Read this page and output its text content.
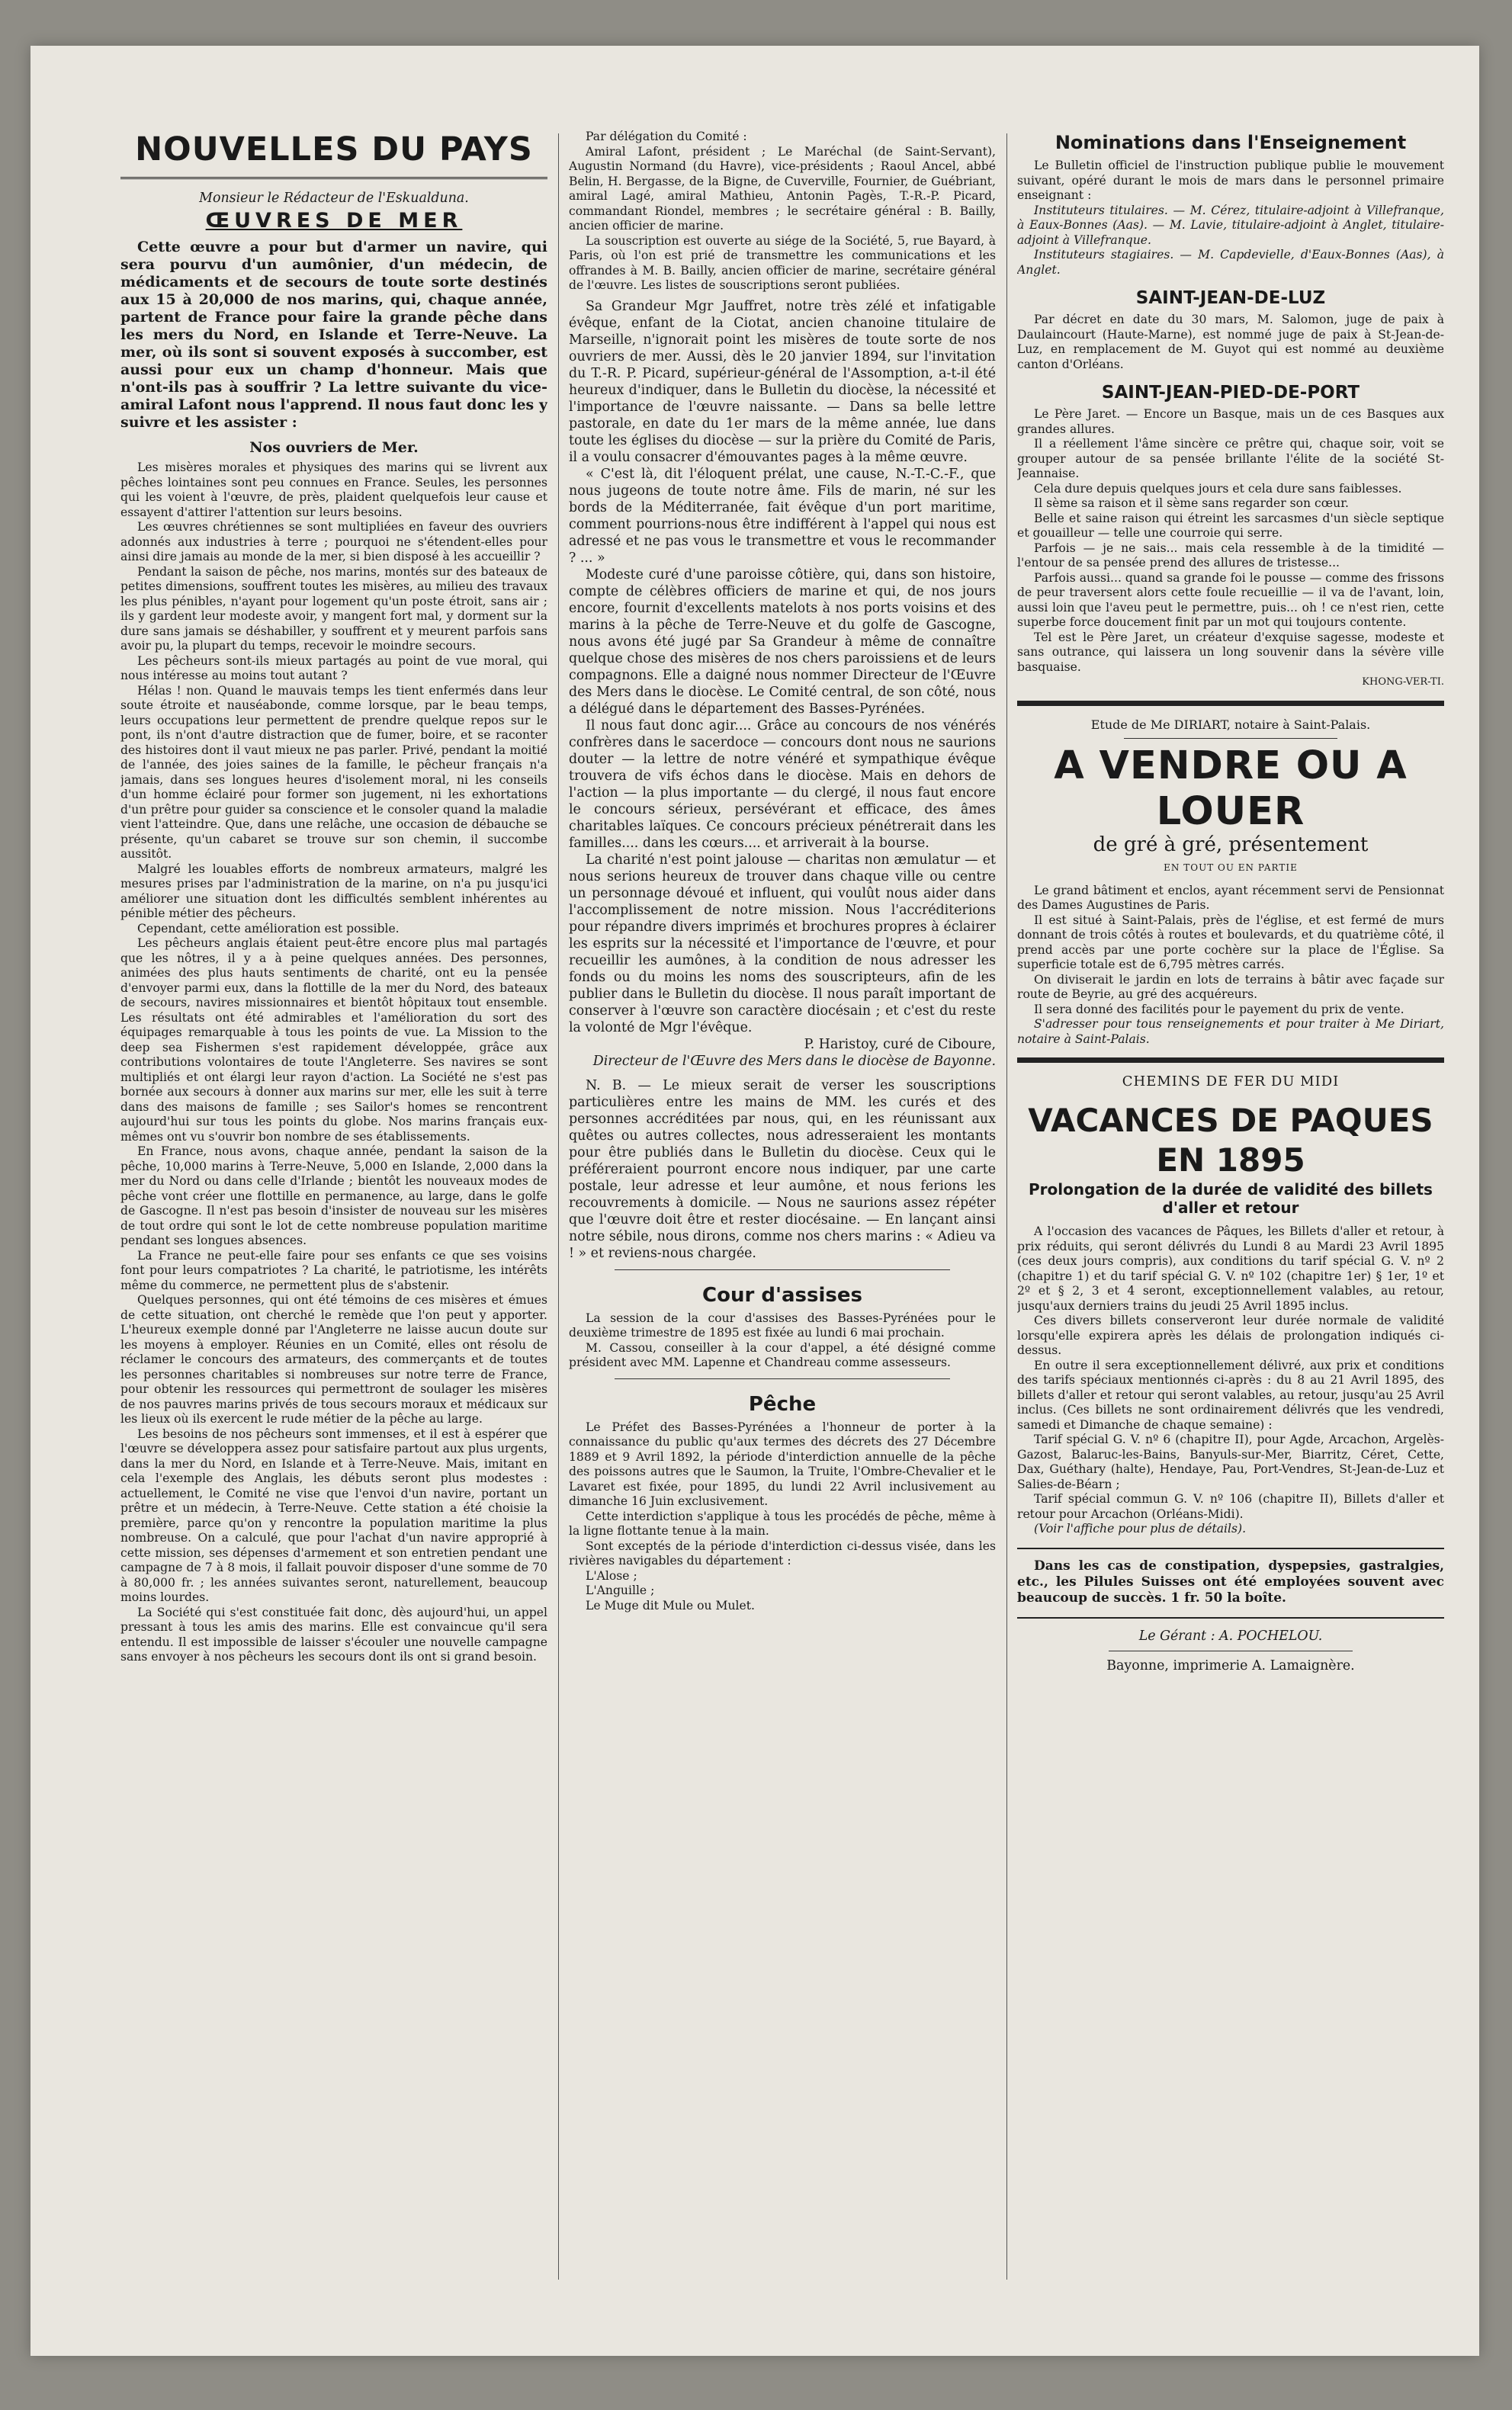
NOUVELLES DU PAYS

Monsieur le Rédacteur de l'Eskualduna.

ŒUVRES DE MER

Cette œuvre a pour but d'armer un navire, qui sera pourvu d'un aumônier, d'un médecin, de médicaments et de secours de toute sorte destinés aux 15 à 20,000 de nos marins, qui, chaque année, partent de France pour faire la grande pêche dans les mers du Nord, en Islande et Terre-Neuve. La mer, où ils sont si souvent exposés à succomber, est aussi pour eux un champ d'honneur. Mais que n'ont-ils pas à souffrir ? La lettre suivante du vice-amiral Lafont nous l'apprend. Il nous faut donc les y suivre et les assister :

Nos ouvriers de Mer.

Les misères morales et physiques des marins qui se livrent aux pêches lointaines sont peu connues en France. Seules, les personnes qui les voient à l'œuvre, de près, plaident quelquefois leur cause et essayent d'attirer l'attention sur leurs besoins.

Les œuvres chrétiennes se sont multipliées en faveur des ouvriers adonnés aux industries à terre ; pourquoi ne s'étendent-elles pour ainsi dire jamais au monde de la mer, si bien disposé à les accueillir ?

Pendant la saison de pêche, nos marins, montés sur des bateaux de petites dimensions, souffrent toutes les misères, au milieu des travaux les plus pénibles, n'ayant pour logement qu'un poste étroit, sans air ; ils y gardent leur modeste avoir, y mangent fort mal, y dorment sur la dure sans jamais se déshabiller, y souffrent et y meurent parfois sans avoir pu, la plupart du temps, recevoir le moindre secours.

Les pêcheurs sont-ils mieux partagés au point de vue moral, qui nous intéresse au moins tout autant ?

Hélas ! non. Quand le mauvais temps les tient enfermés dans leur soute étroite et nauséabonde, comme lorsque, par le beau temps, leurs occupations leur permettent de prendre quelque repos sur le pont, ils n'ont d'autre distraction que de fumer, boire, et se raconter des histoires dont il vaut mieux ne pas parler. Privé, pendant la moitié de l'année, des joies saines de la famille, le pêcheur français n'a jamais, dans ses longues heures d'isolement moral, ni les conseils d'un homme éclairé pour former son jugement, ni les exhortations d'un prêtre pour guider sa conscience et le consoler quand la maladie vient l'atteindre. Que, dans une relâche, une occasion de débauche se présente, qu'un cabaret se trouve sur son chemin, il succombe aussitôt.

Malgré les louables efforts de nombreux armateurs, malgré les mesures prises par l'administration de la marine, on n'a pu jusqu'ici améliorer une situation dont les difficultés semblent inhérentes au pénible métier des pêcheurs.

Cependant, cette amélioration est possible.

Les pêcheurs anglais étaient peut-être encore plus mal partagés que les nôtres, il y a à peine quelques années. Des personnes, animées des plus hauts sentiments de charité, ont eu la pensée d'envoyer parmi eux, dans la flottille de la mer du Nord, des bateaux de secours, navires missionnaires et bientôt hôpitaux tout ensemble. Les résultats ont été admirables et l'amélioration du sort des équipages remarquable à tous les points de vue. La Mission to the deep sea Fishermen s'est rapidement développée, grâce aux contributions volontaires de toute l'Angleterre. Ses navires se sont multipliés et ont élargi leur rayon d'action. La Société ne s'est pas bornée aux secours à donner aux marins sur mer, elle les suit à terre dans des maisons de famille ; ses Sailor's homes se rencontrent aujourd'hui sur tous les points du globe. Nos marins français eux-mêmes ont vu s'ouvrir bon nombre de ses établissements.

En France, nous avons, chaque année, pendant la saison de la pêche, 10,000 marins à Terre-Neuve, 5,000 en Islande, 2,000 dans la mer du Nord ou dans celle d'Irlande ; bientôt les nouveaux modes de pêche vont créer une flottille en permanence, au large, dans le golfe de Gascogne. Il n'est pas besoin d'insister de nouveau sur les misères de tout ordre qui sont le lot de cette nombreuse population maritime pendant ses longues absences.

La France ne peut-elle faire pour ses enfants ce que ses voisins font pour leurs compatriotes ? La charité, le patriotisme, les intérêts même du commerce, ne permettent plus de s'abstenir.

Quelques personnes, qui ont été témoins de ces misères et émues de cette situation, ont cherché le remède que l'on peut y apporter. L'heureux exemple donné par l'Angleterre ne laisse aucun doute sur les moyens à employer. Réunies en un Comité, elles ont résolu de réclamer le concours des armateurs, des commerçants et de toutes les personnes charitables si nombreuses sur notre terre de France, pour obtenir les ressources qui permettront de soulager les misères de nos pauvres marins privés de tous secours moraux et médicaux sur les lieux où ils exercent le rude métier de la pêche au large.

Les besoins de nos pêcheurs sont immenses, et il est à espérer que l'œuvre se développera assez pour satisfaire partout aux plus urgents, dans la mer du Nord, en Islande et à Terre-Neuve. Mais, imitant en cela l'exemple des Anglais, les débuts seront plus modestes : actuellement, le Comité ne vise que l'envoi d'un navire, portant un prêtre et un médecin, à Terre-Neuve. Cette station a été choisie la première, parce qu'on y rencontre la population maritime la plus nombreuse. On a calculé, que pour l'achat d'un navire approprié à cette mission, ses dépenses d'armement et son entretien pendant une campagne de 7 à 8 mois, il fallait pouvoir disposer d'une somme de 70 à 80,000 fr. ; les années suivantes seront, naturellement, beaucoup moins lourdes.

La Société qui s'est constituée fait donc, dès aujourd'hui, un appel pressant à tous les amis des marins. Elle est convaincue qu'il sera entendu. Il est impossible de laisser s'écouler une nouvelle campagne sans envoyer à nos pêcheurs les secours dont ils ont si grand besoin.

Par délégation du Comité :

Amiral Lafont, président ; Le Maréchal (de Saint-Servant), Augustin Normand (du Havre), vice-présidents ; Raoul Ancel, abbé Belin, H. Bergasse, de la Bigne, de Cuverville, Fournier, de Guébriant, amiral Lagé, amiral Mathieu, Antonin Pagès, T.-R.-P. Picard, commandant Riondel, membres ; le secrétaire général : B. Bailly, ancien officier de marine.

La souscription est ouverte au siége de la Société, 5, rue Bayard, à Paris, où l'on est prié de transmettre les communications et les offrandes à M. B. Bailly, ancien officier de marine, secrétaire général de l'œuvre. Les listes de souscriptions seront publiées.

Sa Grandeur Mgr Jauffret, notre très zélé et infatigable évêque, enfant de la Ciotat, ancien chanoine titulaire de Marseille, n'ignorait point les misères de toute sorte de nos ouvriers de mer. Aussi, dès le 20 janvier 1894, sur l'invitation du T.-R. P. Picard, supérieur-général de l'Assomption, a-t-il été heureux d'indiquer, dans le Bulletin du diocèse, la nécessité et l'importance de l'œuvre naissante. — Dans sa belle lettre pastorale, en date du 1er mars de la même année, lue dans toute les églises du diocèse — sur la prière du Comité de Paris, il a voulu consacrer d'émouvantes pages à la même œuvre.

« C'est là, dit l'éloquent prélat, une cause, N.-T.-C.-F., que nous jugeons de toute notre âme. Fils de marin, né sur les bords de la Méditerranée, fait évêque d'un port maritime, comment pourrions-nous être indifférent à l'appel qui nous est adressé et ne pas vous le transmettre et vous le recommander ? ... »

Modeste curé d'une paroisse côtière, qui, dans son histoire, compte de célèbres officiers de marine et qui, de nos jours encore, fournit d'excellents matelots à nos ports voisins et des marins à la pêche de Terre-Neuve et du golfe de Gascogne, nous avons été jugé par Sa Grandeur à même de connaître quelque chose des misères de nos chers paroissiens et de leurs compagnons. Elle a daigné nous nommer Directeur de l'Œuvre des Mers dans le diocèse. Le Comité central, de son côté, nous a délégué dans le département des Basses-Pyrénées.

Il nous faut donc agir.... Grâce au concours de nos vénérés confrères dans le sacerdoce — concours dont nous ne saurions douter — la lettre de notre vénéré et sympathique évêque trouvera de vifs échos dans le diocèse. Mais en dehors de l'action — la plus importante — du clergé, il nous faut encore le concours sérieux, persévérant et efficace, des âmes charitables laïques. Ce concours précieux pénétrerait dans les familles.... dans les cœurs.... et arriverait à la bourse.

La charité n'est point jalouse — charitas non æmulatur — et nous serions heureux de trouver dans chaque ville ou centre un personnage dévoué et influent, qui voulût nous aider dans l'accomplissement de notre mission. Nous l'accréditerions pour répandre divers imprimés et brochures propres à éclairer les esprits sur la nécessité et l'importance de l'œuvre, et pour recueillir les aumônes, à la condition de nous adresser les fonds ou du moins les noms des souscripteurs, afin de les publier dans le Bulletin du diocèse. Il nous paraît important de conserver à l'œuvre son caractère diocésain ; et c'est du reste la volonté de Mgr l'évêque.

P. Haristoy, curé de Ciboure,

Directeur de l'Œuvre des Mers dans le diocèse de Bayonne.

N. B. — Le mieux serait de verser les souscriptions particulières entre les mains de MM. les curés et des personnes accréditées par nous, qui, en les réunissant aux quêtes ou autres collectes, nous adresseraient les montants pour être publiés dans le Bulletin du diocèse. Ceux qui le préféreraient pourront encore nous indiquer, par une carte postale, leur adresse et leur aumône, et nous ferions les recouvrements à domicile. — Nous ne saurions assez répéter que l'œuvre doit être et rester diocésaine. — En lançant ainsi notre sébile, nous dirons, comme nos chers marins : « Adieu va ! » et reviens-nous chargée.

Cour d'assises

La session de la cour d'assises des Basses-Pyrénées pour le deuxième trimestre de 1895 est fixée au lundi 6 mai prochain.

M. Cassou, conseiller à la cour d'appel, a été désigné comme président avec MM. Lapenne et Chandreau comme assesseurs.

Pêche

Le Préfet des Basses-Pyrénées a l'honneur de porter à la connaissance du public qu'aux termes des décrets des 27 Décembre 1889 et 9 Avril 1892, la période d'interdiction annuelle de la pêche des poissons autres que le Saumon, la Truite, l'Ombre-Chevalier et le Lavaret est fixée, pour 1895, du lundi 22 Avril inclusivement au dimanche 16 Juin exclusivement.

Cette interdiction s'applique à tous les procédés de pêche, même à la ligne flottante tenue à la main.

Sont exceptés de la période d'interdiction ci-dessus visée, dans les rivières navigables du département :

L'Alose ;

L'Anguille ;

Le Muge dit Mule ou Mulet.

Nominations dans l'Enseignement

Le Bulletin officiel de l'instruction publique publie le mouvement suivant, opéré durant le mois de mars dans le personnel primaire enseignant :

Instituteurs titulaires. — M. Cérez, titulaire-adjoint à Villefranque, à Eaux-Bonnes (Aas). — M. Lavie, titulaire-adjoint à Anglet, titulaire-adjoint à Villefranque.

Instituteurs stagiaires. — M. Capdevielle, d'Eaux-Bonnes (Aas), à Anglet.

SAINT-JEAN-DE-LUZ

Par décret en date du 30 mars, M. Salomon, juge de paix à Daulaincourt (Haute-Marne), est nommé juge de paix à St-Jean-de-Luz, en remplacement de M. Guyot qui est nommé au deuxième canton d'Orléans.

SAINT-JEAN-PIED-DE-PORT

Le Père Jaret. — Encore un Basque, mais un de ces Basques aux grandes allures.

Il a réellement l'âme sincère ce prêtre qui, chaque soir, voit se grouper autour de sa pensée brillante l'élite de la société St-Jeannaise.

Cela dure depuis quelques jours et cela dure sans faiblesses.

Il sème sa raison et il sème sans regarder son cœur.

Belle et saine raison qui étreint les sarcasmes d'un siècle septique et gouailleur — telle une courroie qui serre.

Parfois — je ne sais... mais cela ressemble à de la timidité — l'entour de sa pensée prend des allures de tristesse...

Parfois aussi... quand sa grande foi le pousse — comme des frissons de peur traversent alors cette foule recueillie — il va de l'avant, loin, aussi loin que l'aveu peut le permettre, puis... oh ! ce n'est rien, cette superbe force doucement finit par un mot qui toujours contente.

Tel est le Père Jaret, un créateur d'exquise sagesse, modeste et sans outrance, qui laissera un long souvenir dans la sévère ville basquaise.

KHONG-VER-TI.

Etude de Me DIRIART, notaire à Saint-Palais.

A VENDRE OU A LOUER
de gré à gré, présentement
EN TOUT OU EN PARTIE

Le grand bâtiment et enclos, ayant récemment servi de Pensionnat des Dames Augustines de Paris.

Il est situé à Saint-Palais, près de l'église, et est fermé de murs donnant de trois côtés à routes et boulevards, et du quatrième côté, il prend accès par une porte cochère sur la place de l'Église. Sa superficie totale est de 6,795 mètres carrés.

On diviserait le jardin en lots de terrains à bâtir avec façade sur route de Beyrie, au gré des acquéreurs.

Il sera donné des facilités pour le payement du prix de vente.

S'adresser pour tous renseignements et pour traiter à Me Diriart, notaire à Saint-Palais.

CHEMINS DE FER DU MIDI
VACANCES DE PAQUES EN 1895
Prolongation de la durée de validité des billets d'aller et retour

A l'occasion des vacances de Pâques, les Billets d'aller et retour, à prix réduits, qui seront délivrés du Lundi 8 au Mardi 23 Avril 1895 (ces deux jours compris), aux conditions du tarif spécial G. V. nº 2 (chapitre 1) et du tarif spécial G. V. nº 102 (chapitre 1er) § 1er, 1º et 2º et § 2, 3 et 4 seront, exceptionnellement valables, au retour, jusqu'aux derniers trains du jeudi 25 Avril 1895 inclus.

Ces divers billets conserveront leur durée normale de validité lorsqu'elle expirera après les délais de prolongation indiqués ci-dessus.

En outre il sera exceptionnellement délivré, aux prix et conditions des tarifs spéciaux mentionnés ci-après : du 8 au 21 Avril 1895, des billets d'aller et retour qui seront valables, au retour, jusqu'au 25 Avril inclus. (Ces billets ne sont ordinairement délivrés que les vendredi, samedi et Dimanche de chaque semaine) :

Tarif spécial G. V. nº 6 (chapitre II), pour Agde, Arcachon, Argelès-Gazost, Balaruc-les-Bains, Banyuls-sur-Mer, Biarritz, Céret, Cette, Dax, Guéthary (halte), Hendaye, Pau, Port-Vendres, St-Jean-de-Luz et Salies-de-Béarn ;

Tarif spécial commun G. V. nº 106 (chapitre II), Billets d'aller et retour pour Arcachon (Orléans-Midi).

(Voir l'affiche pour plus de détails).

Dans les cas de constipation, dyspepsies, gastralgies, etc., les Pilules Suisses ont été employées souvent avec beaucoup de succès. 1 fr. 50 la boîte.

Le Gérant : A. POCHELOU.

Bayonne, imprimerie A. Lamaignère.
